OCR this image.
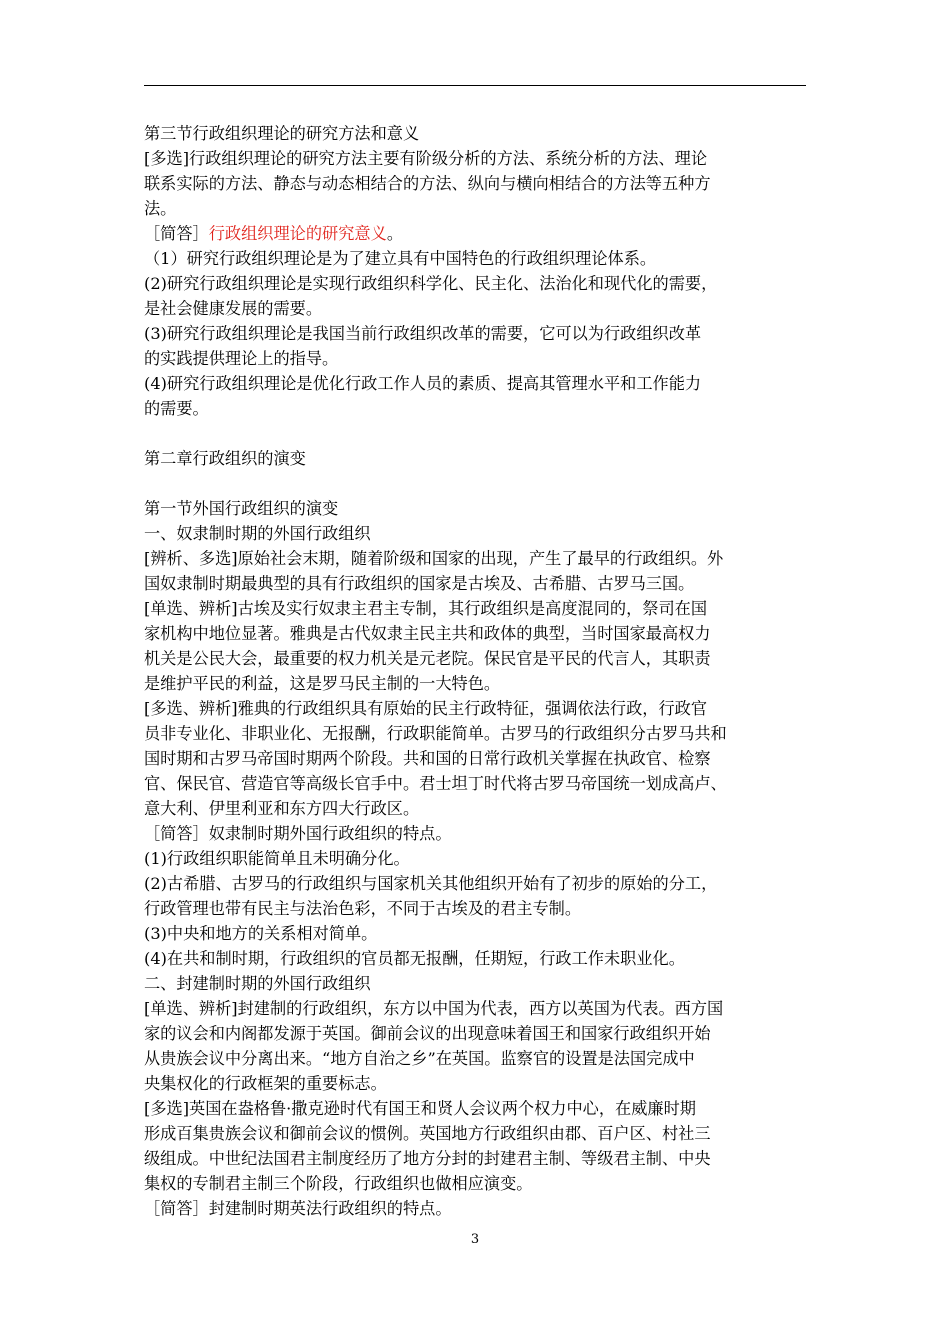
第三节行政组织理论的研究方法和意义
[多选]行政组织理论的研究方法主要有阶级分析的方法、系统分析的方法、理论
联系实际的方法、静态与动态相结合的方法、纵向与横向相结合的方法等五种方
法。
［简答］行政组织理论的研究意义。
（1）研究行政组织理论是为了建立具有中国特色的行政组织理论体系。
(2)研究行政组织理论是实现行政组织科学化、民主化、法治化和现代化的需要，
是社会健康发展的需要。
(3)研究行政组织理论是我国当前行政组织改革的需要，它可以为行政组织改革
的实践提供理论上的指导。
(4)研究行政组织理论是优化行政工作人员的素质、提高其管理水平和工作能力
的需要。
第二章行政组织的演变
第一节外国行政组织的演变
一、奴隶制时期的外国行政组织
[辨析、多选]原始社会末期，随着阶级和国家的出现，产生了最早的行政组织。外
国奴隶制时期最典型的具有行政组织的国家是古埃及、古希腊、古罗马三国。
[单选、辨析]古埃及实行奴隶主君主专制，其行政组织是高度混同的，祭司在国
家机构中地位显著。雅典是古代奴隶主民主共和政体的典型，当时国家最高权力
机关是公民大会，最重要的权力机关是元老院。保民官是平民的代言人，其职责
是维护平民的利益，这是罗马民主制的一大特色。
[多选、辨析]雅典的行政组织具有原始的民主行政特征，强调依法行政，行政官
员非专业化、非职业化、无报酬，行政职能简单。古罗马的行政组织分古罗马共和
国时期和古罗马帝国时期两个阶段。共和国的日常行政机关掌握在执政官、检察
官、保民官、营造官等高级长官手中。君士坦丁时代将古罗马帝国统一划成高卢、
意大利、伊里利亚和东方四大行政区。
［简答］奴隶制时期外国行政组织的特点。
(1)行政组织职能简单且未明确分化。
(2)古希腊、古罗马的行政组织与国家机关其他组织开始有了初步的原始的分工，
行政管理也带有民主与法治色彩，不同于古埃及的君主专制。
(3)中央和地方的关系相对简单。
(4)在共和制时期，行政组织的官员都无报酬，任期短，行政工作未职业化。
二、封建制时期的外国行政组织
[单选、辨析]封建制的行政组织，东方以中国为代表，西方以英国为代表。西方国
家的议会和内阁都发源于英国。御前会议的出现意味着国王和国家行政组织开始
从贵族会议中分离出来。“地方自治之乡”在英国。监察官的设置是法国完成中
央集权化的行政框架的重要标志。
[多选]英国在盎格鲁·撒克逊时代有国王和贤人会议两个权力中心，在威廉时期
形成百集贵族会议和御前会议的惯例。英国地方行政组织由郡、百户区、村社三
级组成。中世纪法国君主制度经历了地方分封的封建君主制、等级君主制、中央
集权的专制君主制三个阶段，行政组织也做相应演变。
［简答］封建制时期英法行政组织的特点。
3
